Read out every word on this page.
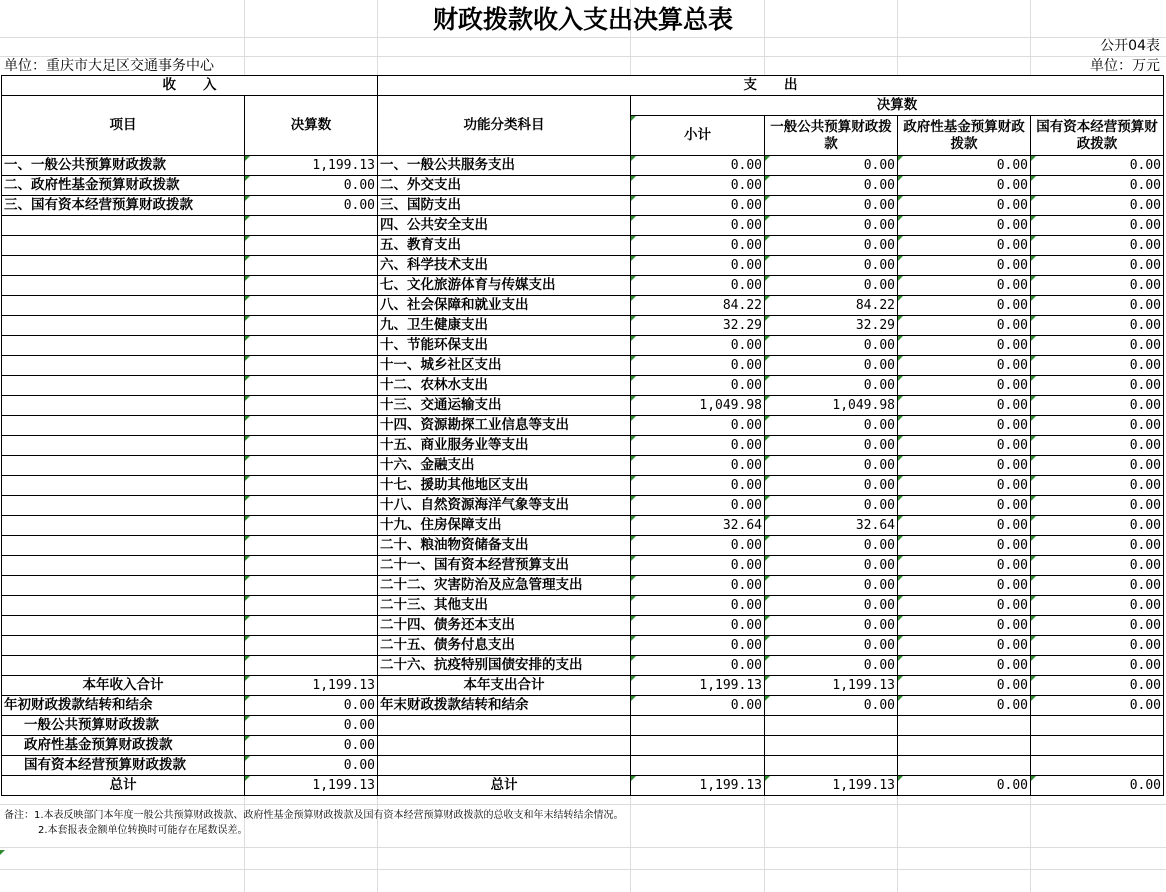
财政拨款收入支出决算总表
公开04表
单位：重庆市大足区交通事务中心	单位：万元
收　　入		支　　出				
项目	决算数	功能分类科目	决算数			
			小计	一般公共预算财政拨款	政府性基金预算财政拨款	国有资本经营预算财政拨款
一、一般公共预算财政拨款	1,199.13	一、一般公共服务支出	0.00	0.00	0.00	0.00
二、政府性基金预算财政拨款	0.00	二、外交支出	0.00	0.00	0.00	0.00
三、国有资本经营预算财政拨款	0.00	三、国防支出	0.00	0.00	0.00	0.00
		四、公共安全支出	0.00	0.00	0.00	0.00
		五、教育支出	0.00	0.00	0.00	0.00
		六、科学技术支出	0.00	0.00	0.00	0.00
		七、文化旅游体育与传媒支出	0.00	0.00	0.00	0.00
		八、社会保障和就业支出	84.22	84.22	0.00	0.00
		九、卫生健康支出	32.29	32.29	0.00	0.00
		十、节能环保支出	0.00	0.00	0.00	0.00
		十一、城乡社区支出	0.00	0.00	0.00	0.00
		十二、农林水支出	0.00	0.00	0.00	0.00
		十三、交通运输支出	1,049.98	1,049.98	0.00	0.00
		十四、资源勘探工业信息等支出	0.00	0.00	0.00	0.00
		十五、商业服务业等支出	0.00	0.00	0.00	0.00
		十六、金融支出	0.00	0.00	0.00	0.00
		十七、援助其他地区支出	0.00	0.00	0.00	0.00
		十八、自然资源海洋气象等支出	0.00	0.00	0.00	0.00
		十九、住房保障支出	32.64	32.64	0.00	0.00
		二十、粮油物资储备支出	0.00	0.00	0.00	0.00
		二十一、国有资本经营预算支出	0.00	0.00	0.00	0.00
		二十二、灾害防治及应急管理支出	0.00	0.00	0.00	0.00
		二十三、其他支出	0.00	0.00	0.00	0.00
		二十四、债务还本支出	0.00	0.00	0.00	0.00
		二十五、债务付息支出	0.00	0.00	0.00	0.00
		二十六、抗疫特别国债安排的支出	0.00	0.00	0.00	0.00
本年收入合计	1,199.13	本年支出合计	1,199.13	1,199.13	0.00	0.00
年初财政拨款结转和结余	0.00	年末财政拨款结转和结余	0.00	0.00	0.00	0.00
一般公共预算财政拨款	0.00					
政府性基金预算财政拨款	0.00					
国有资本经营预算财政拨款	0.00					
总计	1,199.13	总计	1,199.13	1,199.13	0.00	0.00
备注：1.本表反映部门本年度一般公共预算财政拨款、政府性基金预算财政拨款及国有资本经营预算财政拨款的总收支和年末结转结余情况。
2.本套报表金额单位转换时可能存在尾数误差。
